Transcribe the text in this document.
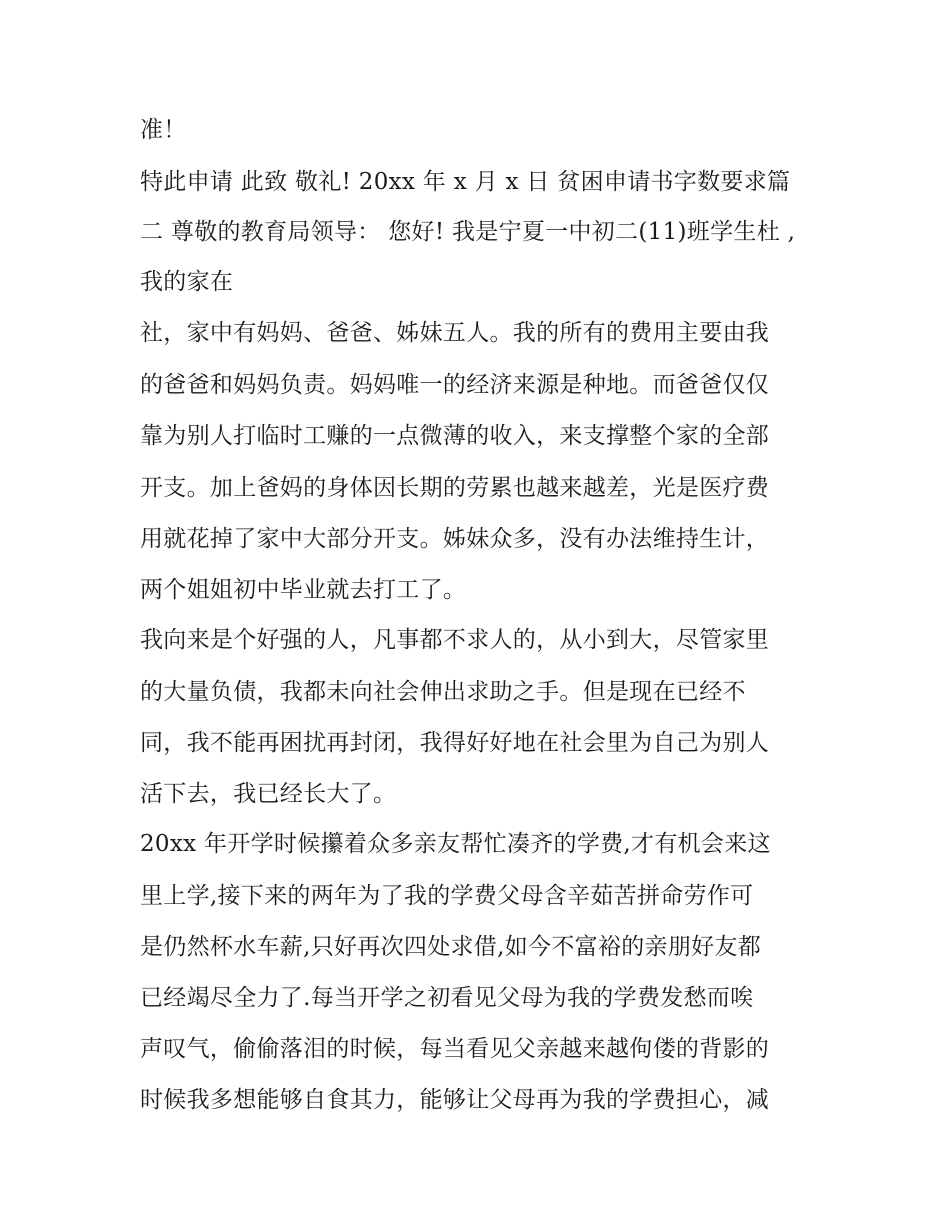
准！
特此申请 此致 敬礼! 20xx 年 x 月 x 日 贫困申请书字数要求篇
二 尊敬的教育局领导： 您好! 我是宁夏一中初二(11)班学生杜 ,
我的家在
社，家中有妈妈、爸爸、姊妹五人。我的所有的费用主要由我
的爸爸和妈妈负责。妈妈唯一的经济来源是种地。而爸爸仅仅
靠为别人打临时工赚的一点微薄的收入，来支撑整个家的全部
开支。加上爸妈的身体因长期的劳累也越来越差，光是医疗费
用就花掉了家中大部分开支。姊妹众多，没有办法维持生计，
两个姐姐初中毕业就去打工了。
我向来是个好强的人，凡事都不求人的，从小到大，尽管家里
的大量负债，我都未向社会伸出求助之手。但是现在已经不
同，我不能再困扰再封闭，我得好好地在社会里为自己为别人
活下去，我已经长大了。
20xx 年开学时候攥着众多亲友帮忙凑齐的学费,才有机会来这
里上学,接下来的两年为了我的学费父母含辛茹苦拼命劳作可
是仍然杯水车薪,只好再次四处求借,如今不富裕的亲朋好友都
已经竭尽全力了.每当开学之初看见父母为我的学费发愁而唉
声叹气，偷偷落泪的时候，每当看见父亲越来越佝偻的背影的
时候我多想能够自食其力，能够让父母再为我的学费担心，减
